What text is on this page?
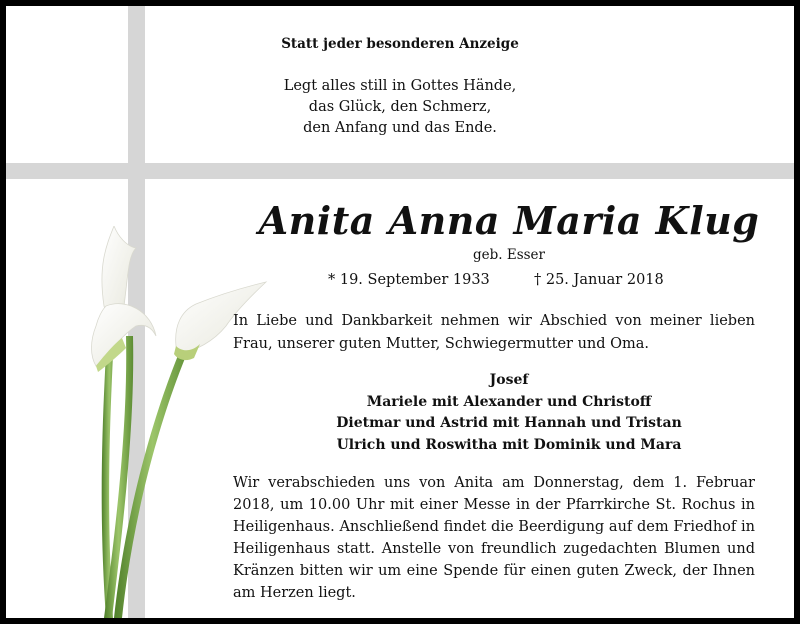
Statt jeder besonderen Anzeige
Legt alles still in Gottes Hände,
das Glück, den Schmerz,
den Anfang und das Ende.
Anita Anna Maria Klug
geb. Esser
* 19. September 1933	† 25. Januar 2018
In Liebe und Dankbarkeit nehmen wir Abschied von meiner lieben Frau, unserer guten Mutter, Schwiegermutter und Oma.
Josef
Mariele mit Alexander und Christoff
Dietmar und Astrid mit Hannah und Tristan
Ulrich und Roswitha mit Dominik und Mara
Wir verabschieden uns von Anita am Donnerstag, dem 1. Februar 2018, um 10.00 Uhr mit einer Messe in der Pfarrkirche St. Rochus in Heiligenhaus. Anschließend findet die Beerdigung auf dem Friedhof in Heiligenhaus statt. Anstelle von freundlich zugedachten Blumen und Kränzen bitten wir um eine Spende für einen guten Zweck, der Ihnen am Herzen liegt.
